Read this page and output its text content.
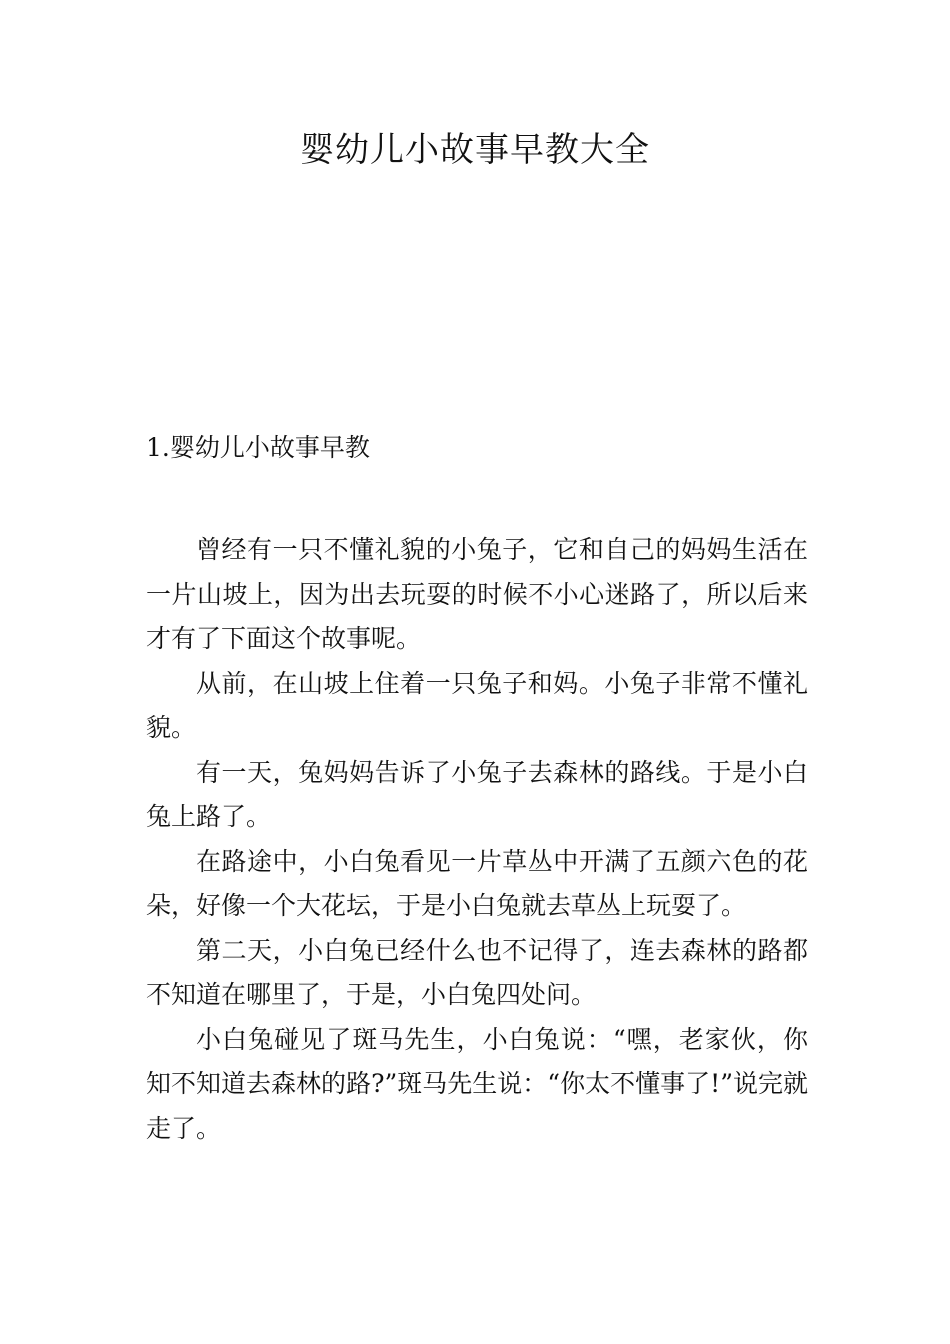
婴幼儿小故事早教大全
1.婴幼儿小故事早教

曾经有一只不懂礼貌的小兔子，它和自己的妈妈生活在一片山坡上，因为出去玩耍的时候不小心迷路了，所以后来才有了下面这个故事呢。

从前，在山坡上住着一只兔子和妈。小兔子非常不懂礼貌。

有一天，兔妈妈告诉了小兔子去森林的路线。于是小白兔上路了。

在路途中，小白兔看见一片草丛中开满了五颜六色的花朵，好像一个大花坛，于是小白兔就去草丛上玩耍了。

第二天，小白兔已经什么也不记得了，连去森林的路都不知道在哪里了，于是，小白兔四处问。

小白兔碰见了斑马先生，小白兔说：“嘿，老家伙，你知不知道去森林的路?”斑马先生说：“你太不懂事了!”说完就走了。
